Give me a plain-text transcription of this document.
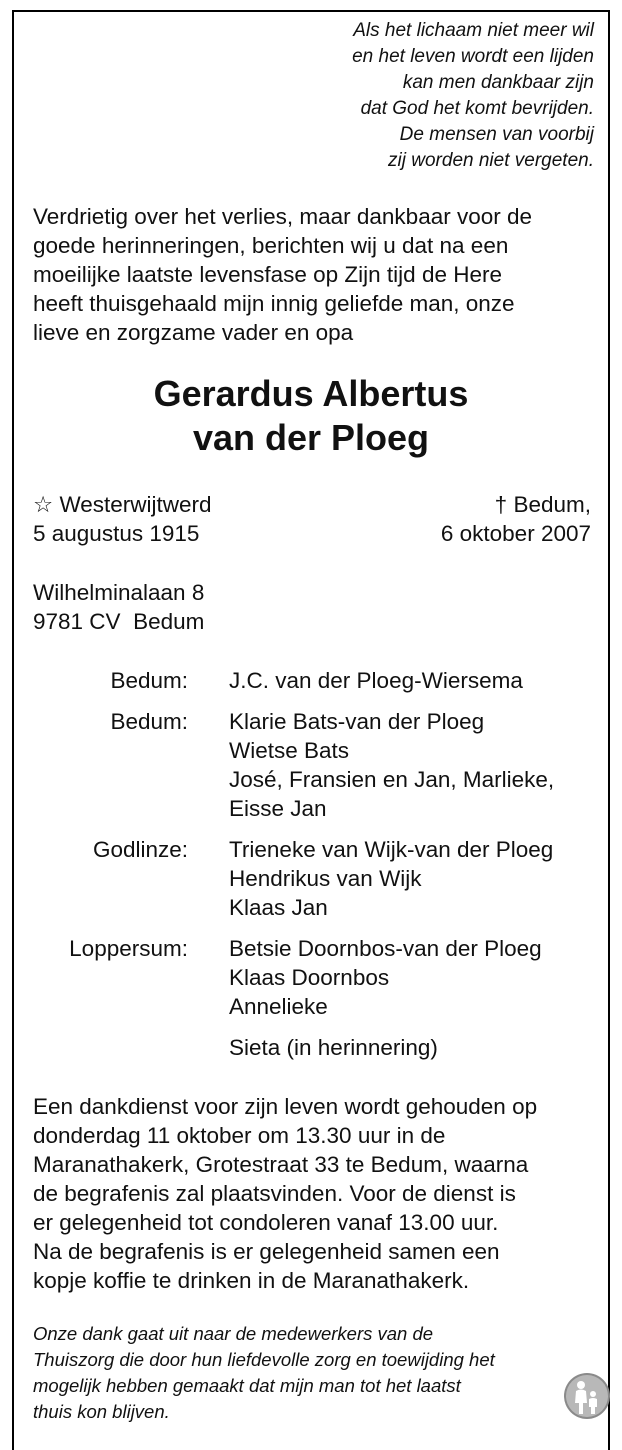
Als het lichaam niet meer wil
en het leven wordt een lijden
kan men dankbaar zijn
dat God het komt bevrijden.
De mensen van voorbij
zij worden niet vergeten.
Verdrietig over het verlies, maar dankbaar voor de
goede herinneringen, berichten wij u dat na een
moeilijke laatste levensfase op Zijn tijd de Here
heeft thuisgehaald mijn innig geliefde man, onze
lieve en zorgzame vader en opa
Gerardus Albertus
van der Ploeg
☆ Westerwijtwerd
5 augustus 1915
† Bedum,
6 oktober 2007
Wilhelminalaan 8
9781 CV  Bedum
Bedum: J.C. van der Ploeg-Wiersema
Bedum: Klarie Bats-van der Ploeg
Wietse Bats
José, Fransien en Jan, Marlieke,
Eisse Jan
Godlinze: Trieneke van Wijk-van der Ploeg
Hendrikus van Wijk
Klaas Jan
Loppersum: Betsie Doornbos-van der Ploeg
Klaas Doornbos
Annelieke
Sieta (in herinnering)
Een dankdienst voor zijn leven wordt gehouden op
donderdag 11 oktober om 13.30 uur in de
Maranathakerk, Grotestraat 33 te Bedum, waarna
de begrafenis zal plaatsvinden. Voor de dienst is
er gelegenheid tot condoleren vanaf 13.00 uur.
Na de begrafenis is er gelegenheid samen een
kopje koffie te drinken in de Maranathakerk.
Onze dank gaat uit naar de medewerkers van de
Thuiszorg die door hun liefdevolle zorg en toewijding het
mogelijk hebben gemaakt dat mijn man tot het laatst
thuis kon blijven.
